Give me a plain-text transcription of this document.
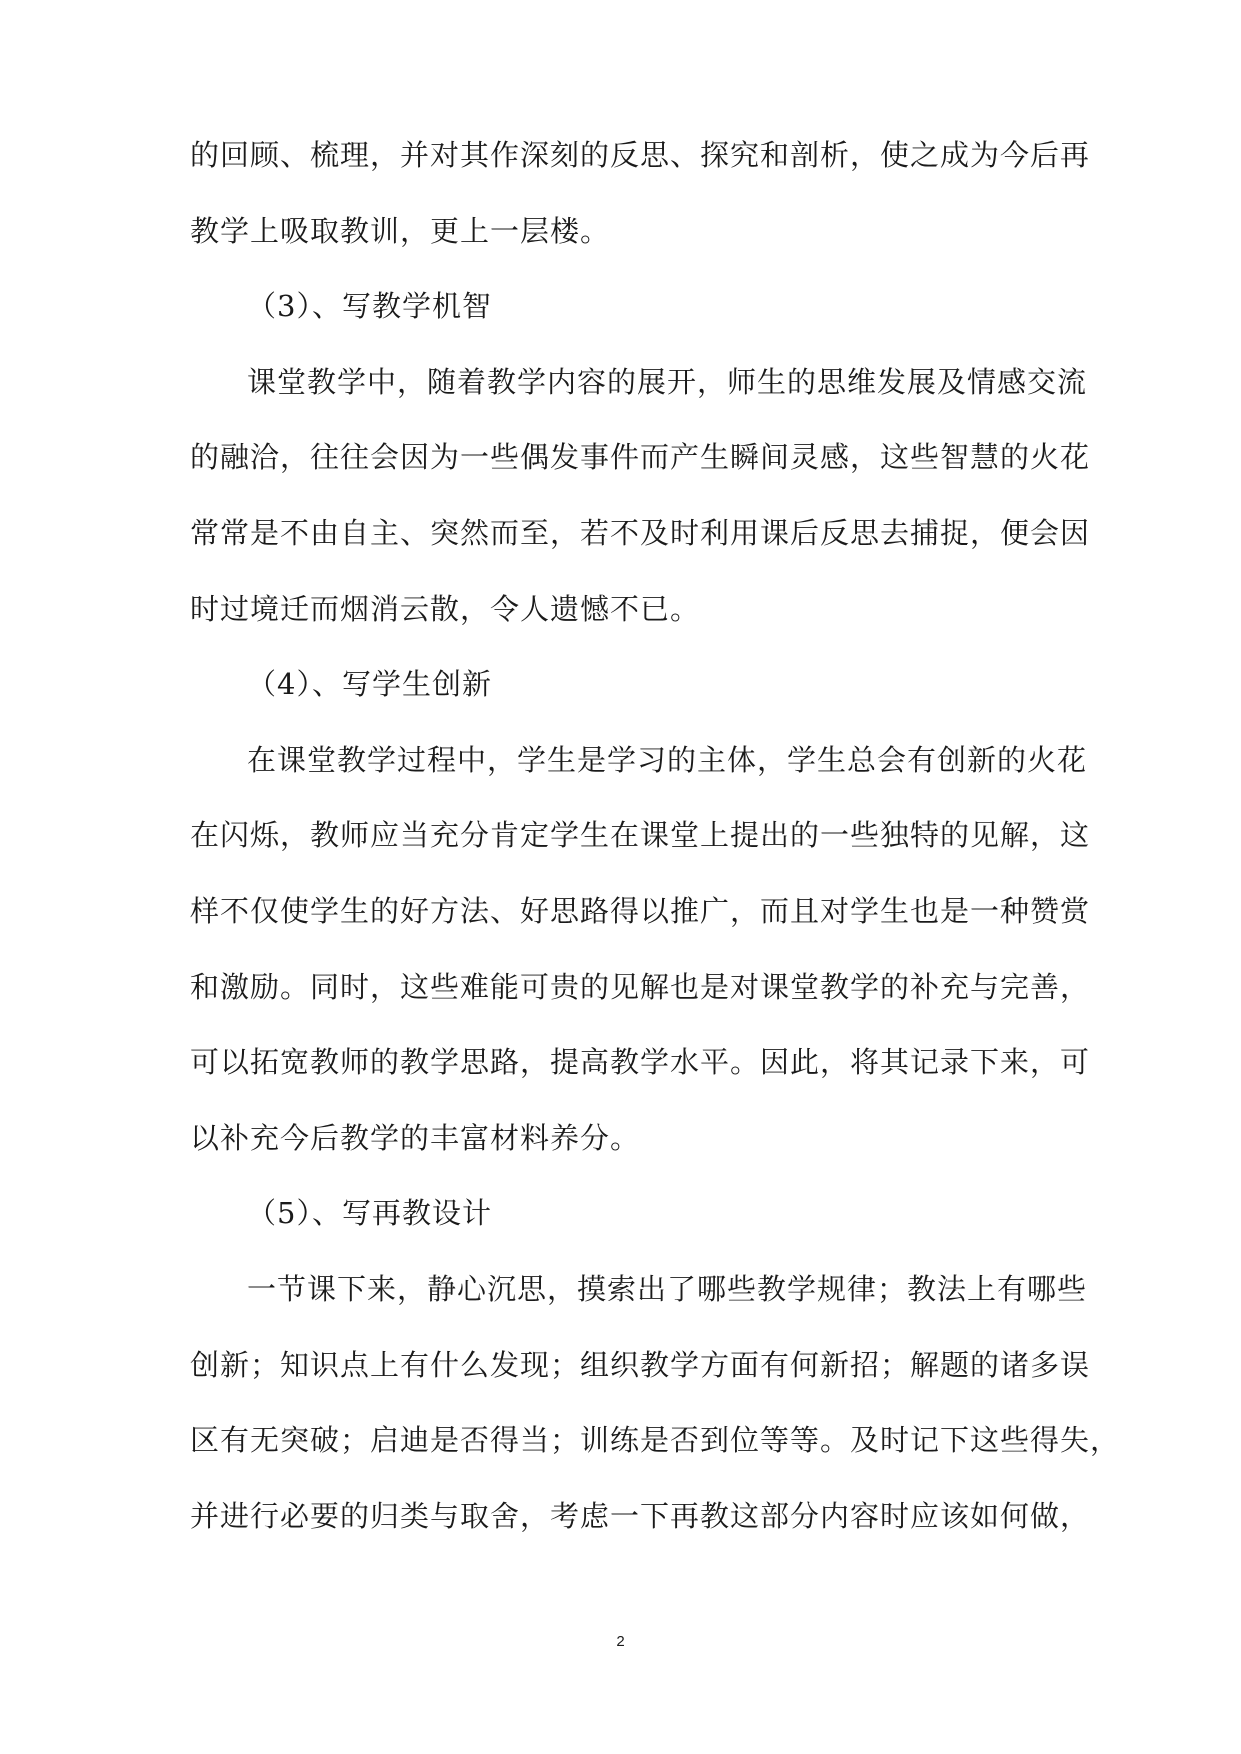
的回顾、梳理，并对其作深刻的反思、探究和剖析，使之成为今后再
教学上吸取教训，更上一层楼。
（3）、写教学机智
课堂教学中，随着教学内容的展开，师生的思维发展及情感交流
的融洽，往往会因为一些偶发事件而产生瞬间灵感，这些智慧的火花
常常是不由自主、突然而至，若不及时利用课后反思去捕捉，便会因
时过境迁而烟消云散，令人遗憾不已。
（4）、写学生创新
在课堂教学过程中，学生是学习的主体，学生总会有创新的火花
在闪烁，教师应当充分肯定学生在课堂上提出的一些独特的见解，这
样不仅使学生的好方法、好思路得以推广，而且对学生也是一种赞赏
和激励。同时，这些难能可贵的见解也是对课堂教学的补充与完善，
可以拓宽教师的教学思路，提高教学水平。因此，将其记录下来，可
以补充今后教学的丰富材料养分。
（5）、写再教设计
一节课下来，静心沉思，摸索出了哪些教学规律；教法上有哪些
创新；知识点上有什么发现；组织教学方面有何新招；解题的诸多误
区有无突破；启迪是否得当；训练是否到位等等。及时记下这些得失，
并进行必要的归类与取舍，考虑一下再教这部分内容时应该如何做，
2
